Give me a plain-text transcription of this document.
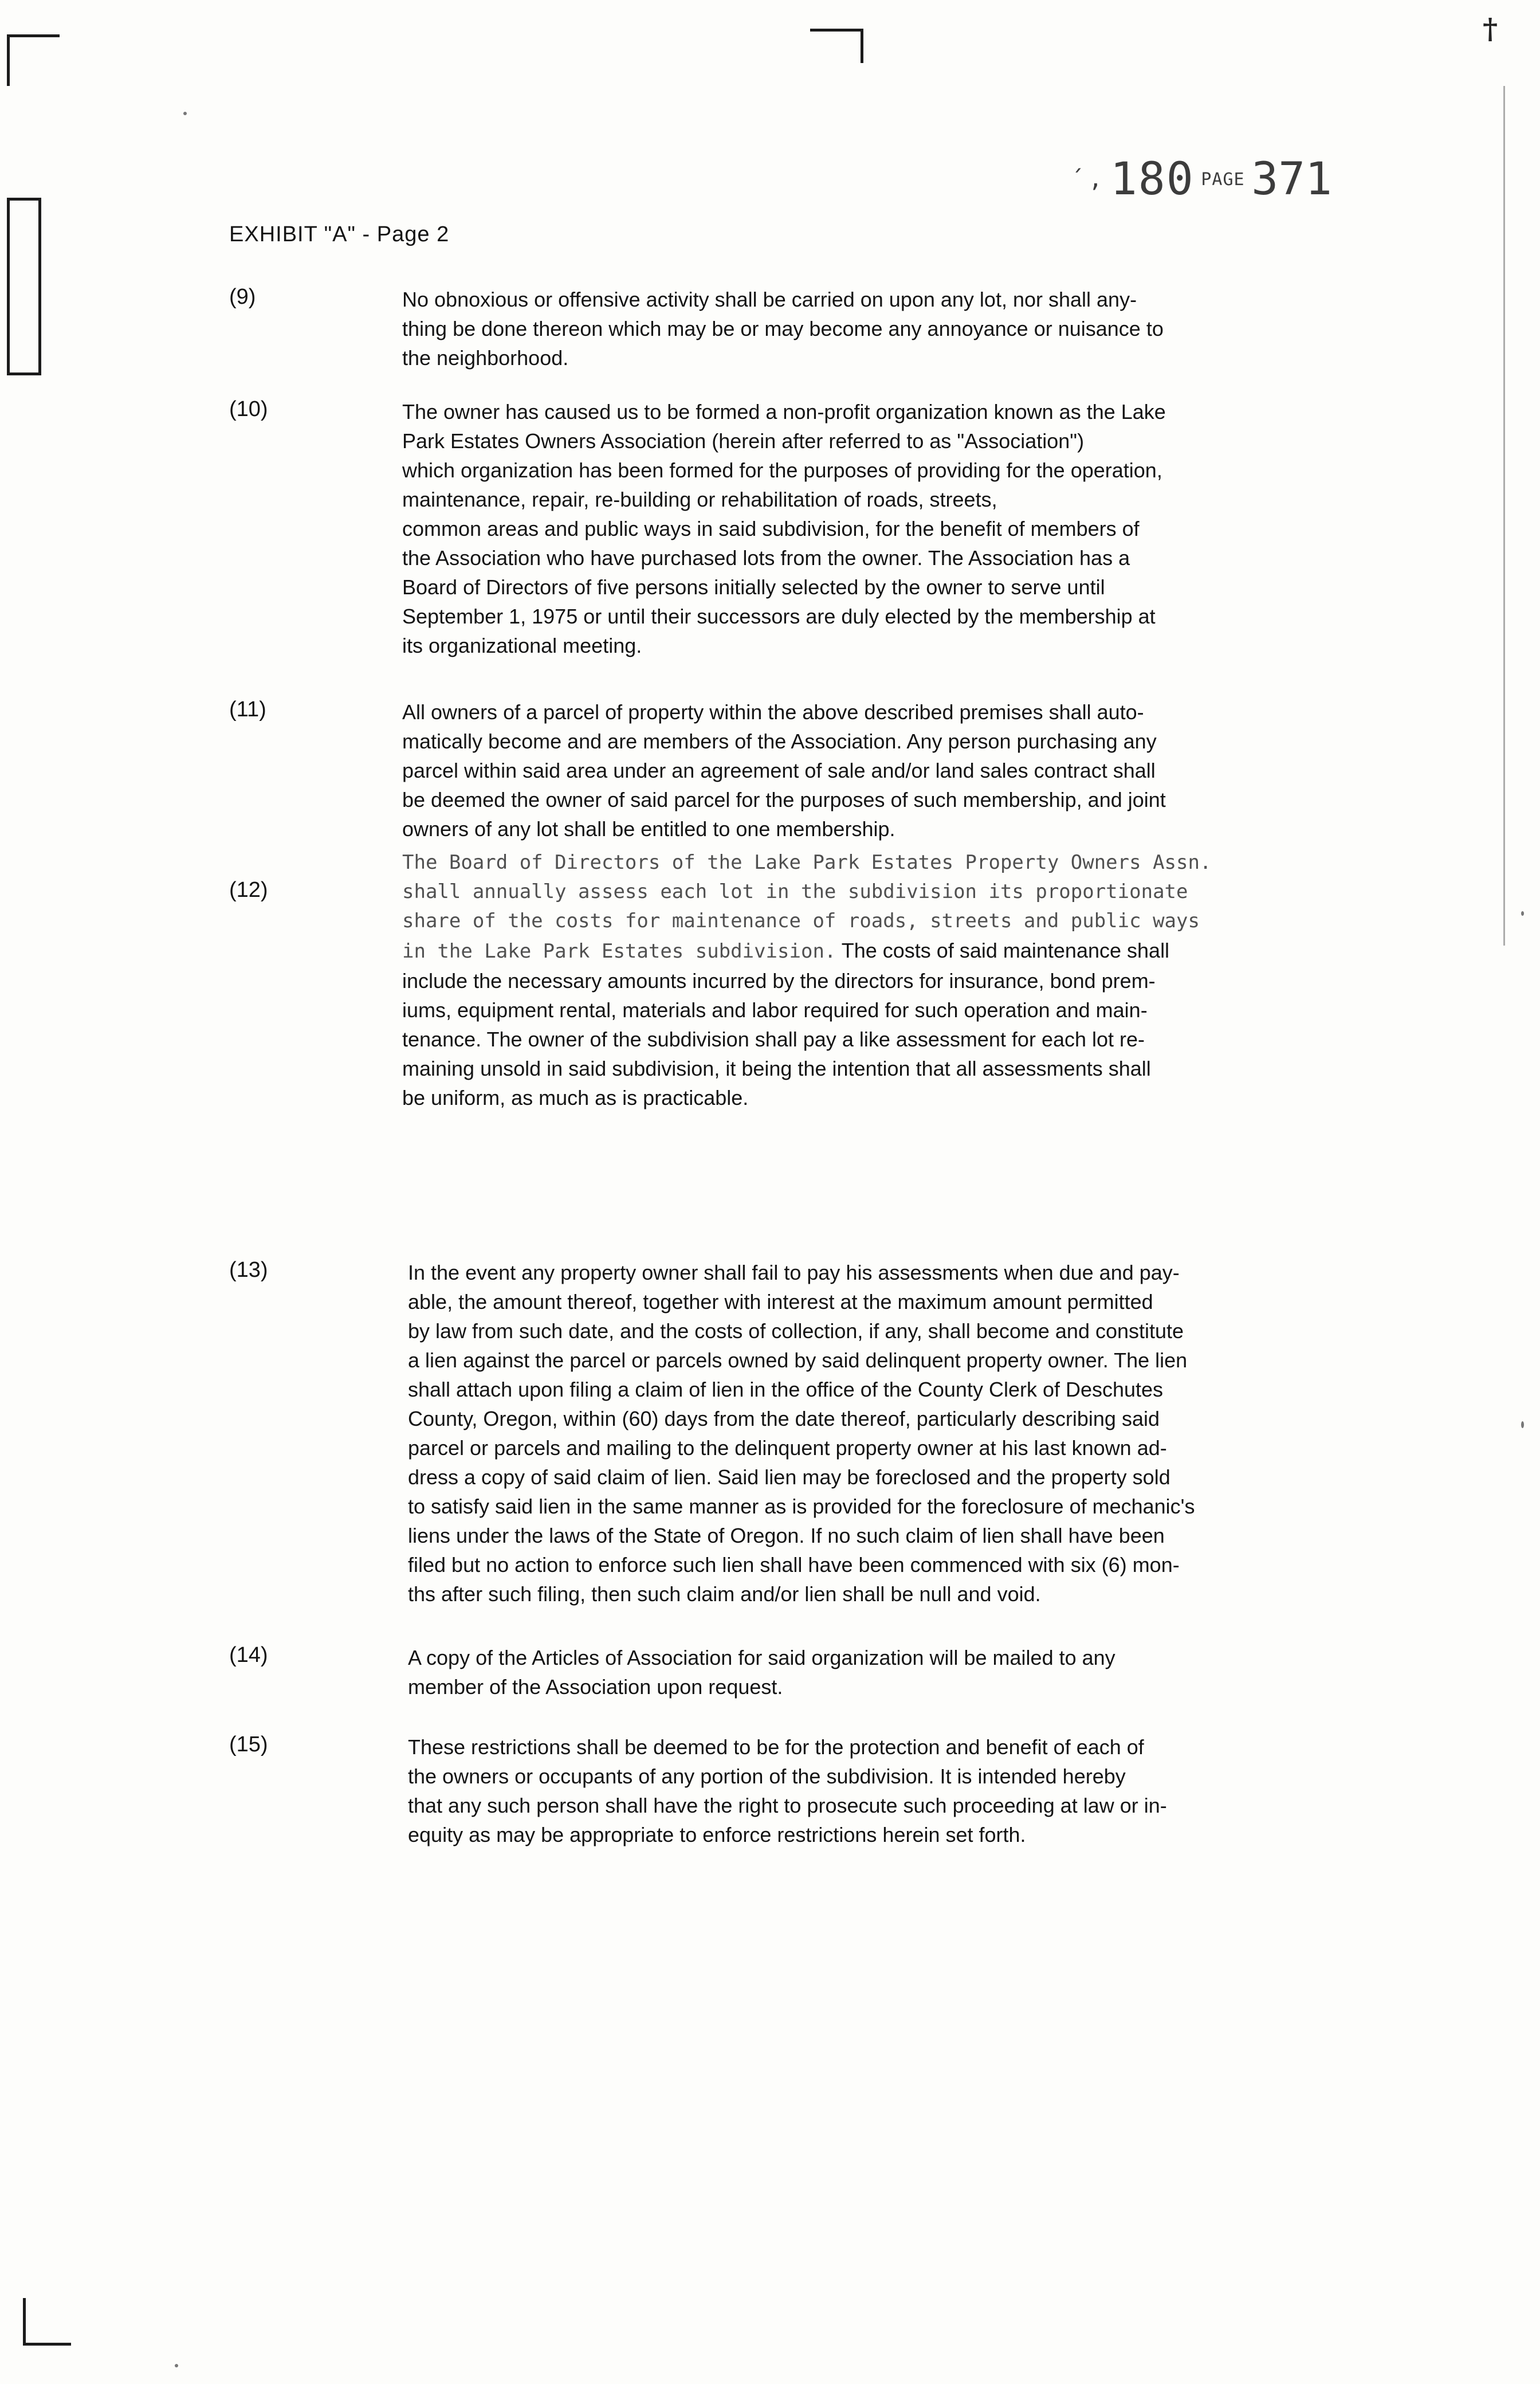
†
́ , 180 PAGE 371
EXHIBIT "A" - Page 2
(9)	No obnoxious or offensive activity shall be carried on upon any lot, nor shall any-
thing be done thereon which may be or may become any annoyance or nuisance to
the neighborhood.
(10)	The owner has caused us to be formed a non-profit organization known as the Lake
Park Estates Owners Association (herein after referred to as "Association")
which organization has been formed for the purposes of providing for the operation,
maintenance, repair, re-building or rehabilitation of roads, streets,
common areas and public ways in said subdivision, for the benefit of members of
the Association who have purchased lots from the owner. The Association has a
Board of Directors of five persons initially selected by the owner to serve until
September 1, 1975 or until their successors are duly elected by the membership at
its organizational meeting.
(11)	All owners of a parcel of property within the above described premises shall auto-
matically become and are members of the Association. Any person purchasing any
parcel within said area under an agreement of sale and/or land sales contract shall
be deemed the owner of said parcel for the purposes of such membership, and joint
owners of any lot shall be entitled to one membership.
(12)
The Board of Directors of the Lake Park Estates Property Owners Assn.
shall annually assess each lot in the subdivision its proportionate
share of the costs for maintenance of roads, streets and public ways
in the Lake Park Estates subdivision. The costs of said maintenance shall
include the necessary amounts incurred by the directors for insurance, bond prem-
iums, equipment rental, materials and labor required for such operation and main-
tenance. The owner of the subdivision shall pay a like assessment for each lot re-
maining unsold in said subdivision, it being the intention that all assessments shall
be uniform, as much as is practicable.
(13)	In the event any property owner shall fail to pay his assessments when due and pay-
able, the amount thereof, together with interest at the maximum amount permitted
by law from such date, and the costs of collection, if any, shall become and constitute
a lien against the parcel or parcels owned by said delinquent property owner. The lien
shall attach upon filing a claim of lien in the office of the County Clerk of Deschutes
County, Oregon, within (60) days from the date thereof, particularly describing said
parcel or parcels and mailing to the delinquent property owner at his last known ad-
dress a copy of said claim of lien. Said lien may be foreclosed and the property sold
to satisfy said lien in the same manner as is provided for the foreclosure of mechanic's
liens under the laws of the State of Oregon. If no such claim of lien shall have been
filed but no action to enforce such lien shall have been commenced with six (6) mon-
ths after such filing, then such claim and/or lien shall be null and void.
(14)	A copy of the Articles of Association for said organization will be mailed to any
member of the Association upon request.
(15)	These restrictions shall be deemed to be for the protection and benefit of each of
the owners or occupants of any portion of the subdivision. It is intended hereby
that any such person shall have the right to prosecute such proceeding at law or in-
equity as may be appropriate to enforce restrictions herein set forth.
